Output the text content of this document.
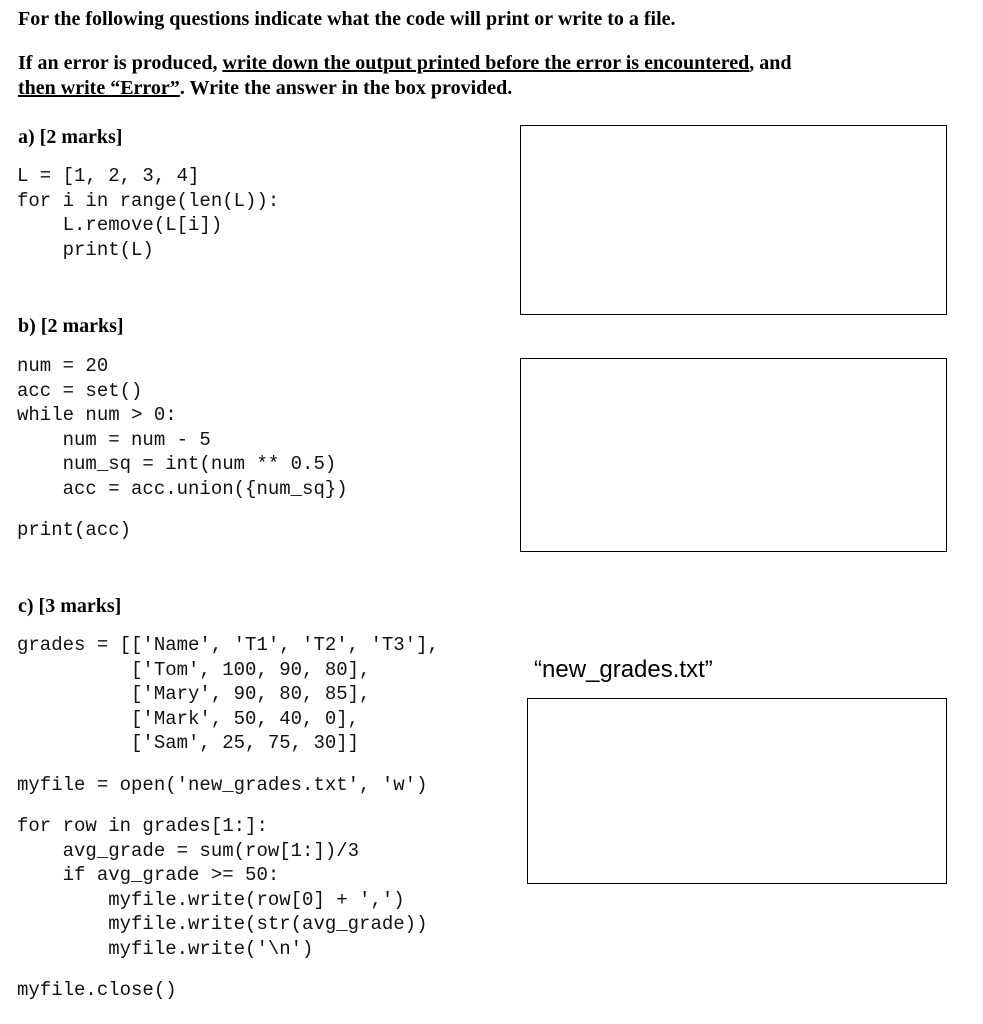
For the following questions indicate what the code will print or write to a file.
If an error is produced, write down the output printed before the error is encountered, and
then write “Error”. Write the answer in the box provided.
a) [2 marks]
L = [1, 2, 3, 4]
for i in range(len(L)):
L.remove(L[i])
print(L)
b) [2 marks]
num = 20
acc = set()
while num > 0:
num = num - 5
num_sq = int(num ** 0.5)
acc = acc.union({num_sq})
print(acc)
c) [3 marks]
grades = [['Name', 'T1', 'T2', 'T3'],
['Tom', 100, 90, 80],
['Mary', 90, 80, 85],
['Mark', 50, 40, 0],
['Sam', 25, 75, 30]]
myfile = open('new_grades.txt', 'w')
for row in grades[1:]:
avg_grade = sum(row[1:])/3
if avg_grade >= 50:
myfile.write(row[0] + ',')
myfile.write(str(avg_grade))
myfile.write('\n')
myfile.close()
“new_grades.txt”
